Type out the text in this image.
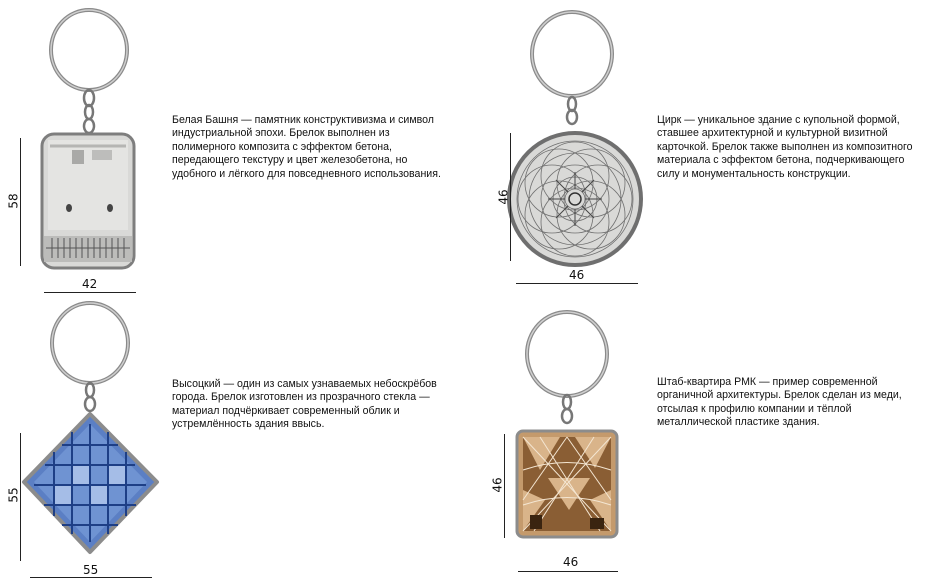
58
42

Белая Башня — памятник конструктивизма и символ индустриальной эпохи. Брелок выполнен из полимерного композита с эффектом бетона, передающего текстуру и цвет железобетона, но удобного и лёгкого для повседневного использования.

46
46

Цирк — уникальное здание с купольной формой, ставшее архитектурной и культурной визитной карточкой. Брелок также выполнен из композитного материала с эффектом бетона, подчеркивающего силу и монументальность конструкции.

55
55

Высоцкий — один из самых узнаваемых небоскрёбов города. Брелок изготовлен из прозрачного стекла — материал подчёркивает современный облик и устремлённость здания ввысь.

46
46

Штаб-квартира РМК — пример современной органичной архитектуры. Брелок сделан из меди, отсылая к профилю компании и тёплой металлической пластике здания.
